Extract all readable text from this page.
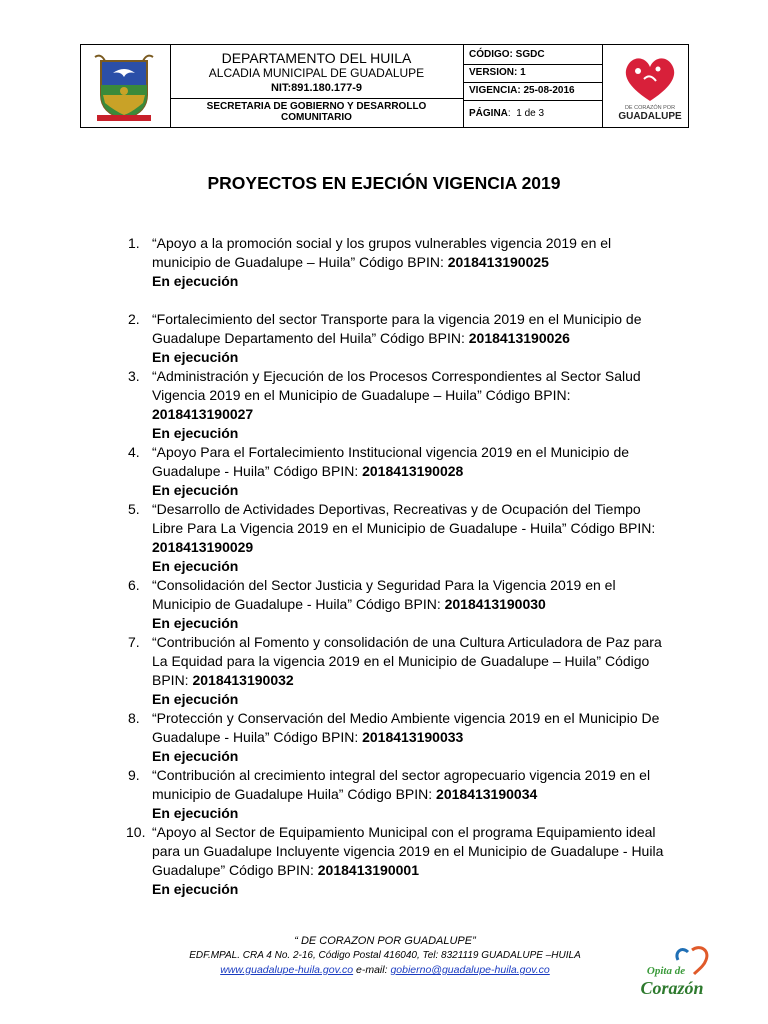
DEPARTAMENTO DEL HUILA
ALCADIA MUNICIPAL DE GUADALUPE
NIT:891.180.177-9
SECRETARIA DE GOBIERNO Y DESARROLLO COMUNITARIO
CÓDIGO: SGDC
VERSION: 1
VIGENCIA: 25-08-2016
PÁGINA:  1 de 3	DE CORAZÓN POR
GUADALUPE
PROYECTOS EN EJECIÓN VIGENCIA 2019
1. “Apoyo a la promoción social y los grupos vulnerables vigencia 2019 en el municipio de Guadalupe – Huila” Código BPIN: 2018413190025
En ejecución
2. “Fortalecimiento del sector Transporte para la vigencia 2019 en el Municipio de Guadalupe Departamento del Huila” Código BPIN: 2018413190026
En ejecución
3. “Administración y Ejecución de los Procesos Correspondientes al Sector Salud Vigencia 2019 en el Municipio de Guadalupe – Huila” Código BPIN: 2018413190027
En ejecución
4. “Apoyo Para el Fortalecimiento Institucional vigencia 2019 en el Municipio de Guadalupe - Huila” Código BPIN: 2018413190028
En ejecución
5. “Desarrollo de Actividades Deportivas, Recreativas y de Ocupación del Tiempo Libre Para La Vigencia 2019 en el Municipio de Guadalupe - Huila” Código BPIN: 2018413190029
En ejecución
6. “Consolidación del Sector Justicia y Seguridad Para la Vigencia 2019 en el Municipio de Guadalupe - Huila” Código BPIN: 2018413190030
En ejecución
7. “Contribución al Fomento y consolidación de una Cultura Articuladora de Paz para La Equidad para la vigencia 2019 en el Municipio de Guadalupe – Huila” Código BPIN: 2018413190032
En ejecución
8. “Protección y Conservación del Medio Ambiente vigencia 2019 en el Municipio De Guadalupe - Huila” Código BPIN: 2018413190033
En ejecución
9. “Contribución al crecimiento integral del sector agropecuario vigencia 2019 en el municipio de Guadalupe Huila” Código BPIN: 2018413190034
En ejecución
10. “Apoyo al Sector de Equipamiento Municipal con el programa Equipamiento ideal para un Guadalupe Incluyente vigencia 2019 en el Municipio de Guadalupe - Huila Guadalupe” Código BPIN: 2018413190001
En ejecución
“ DE CORAZON POR GUADALUPE”
EDF.MPAL. CRA 4 No. 2-16, Código Postal 416040, Tel: 8321119 GUADALUPE –HUILA
www.guadalupe-huila.gov.co e-mail: gobierno@guadalupe-huila.gov.co	Opita de
Corazón
